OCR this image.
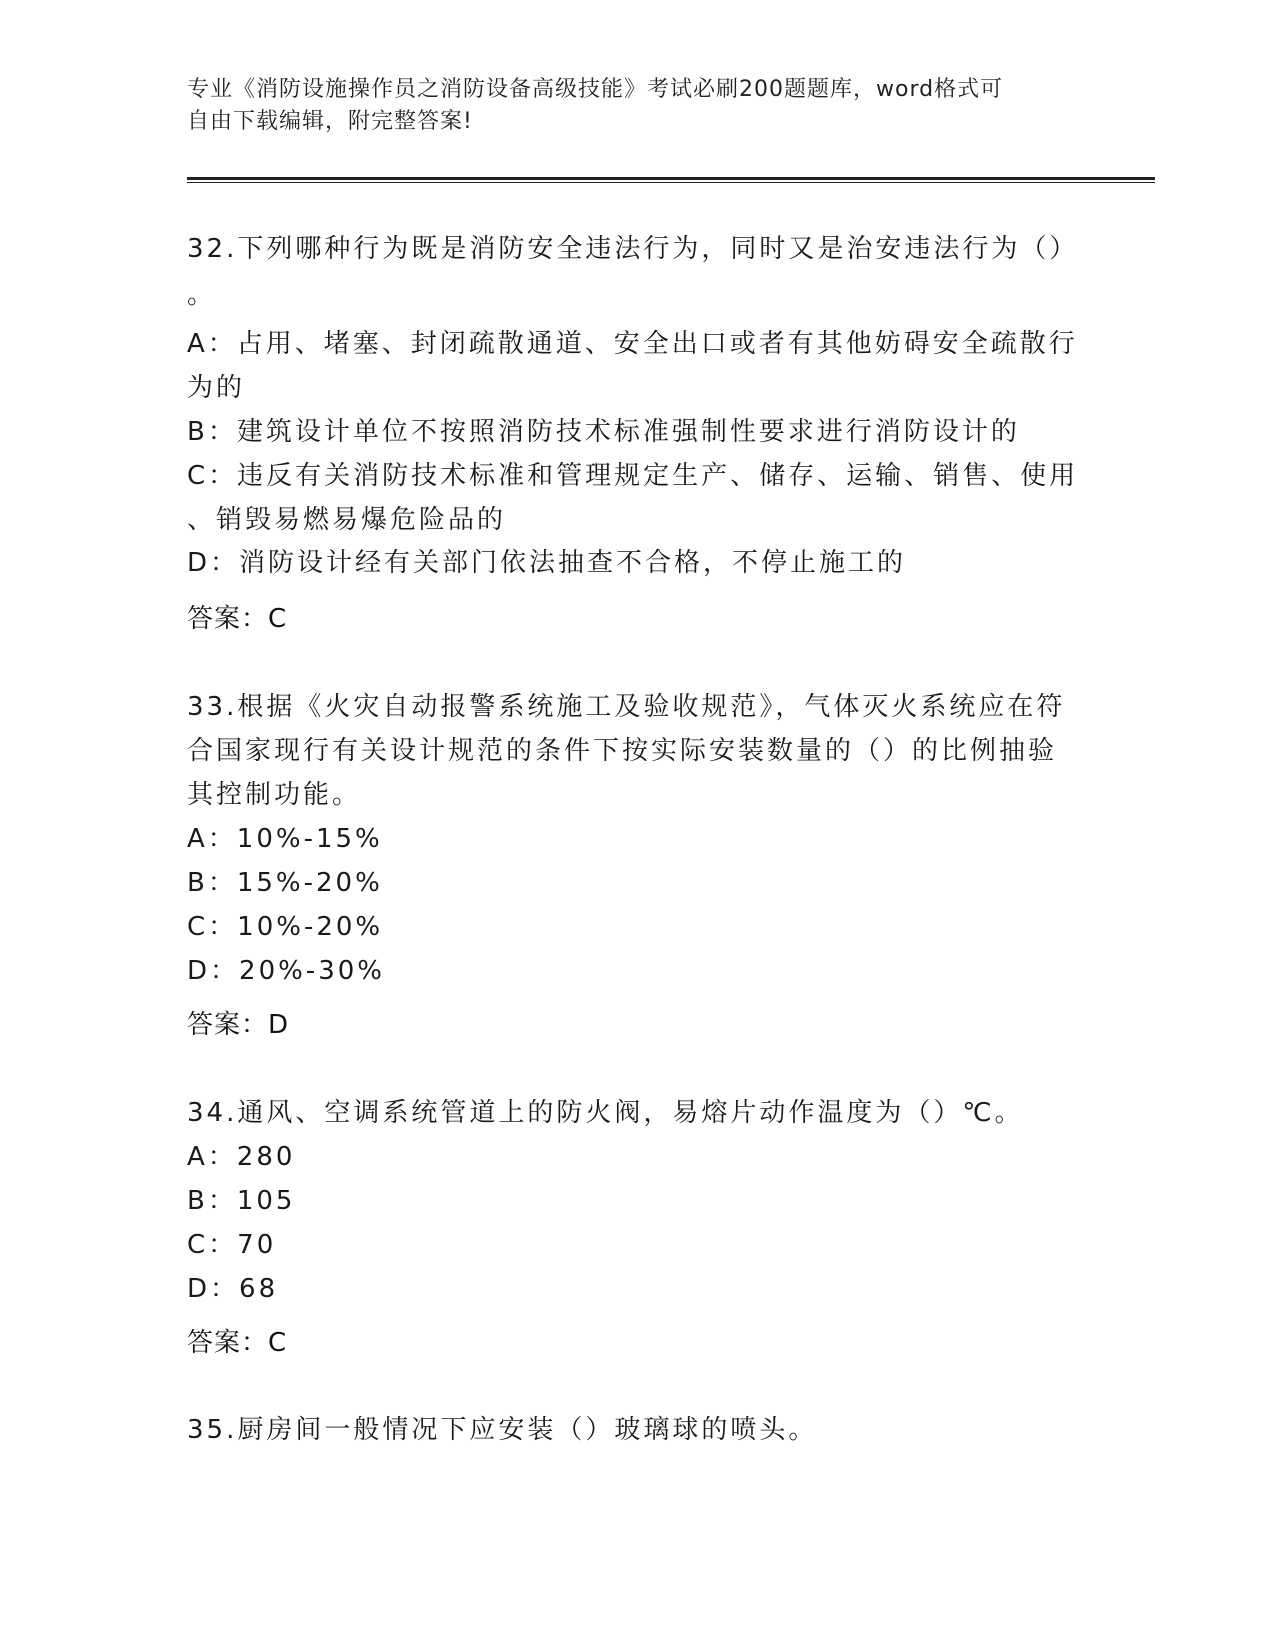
专业《消防设施操作员之消防设备高级技能》考试必刷200题题库，word格式可
自由下载编辑，附完整答案!
32.下列哪种行为既是消防安全违法行为，同时又是治安违法行为（）
。
A：占用、堵塞、封闭疏散通道、安全出口或者有其他妨碍安全疏散行
为的
B：建筑设计单位不按照消防技术标准强制性要求进行消防设计的
C：违反有关消防技术标准和管理规定生产、储存、运输、销售、使用
、销毁易燃易爆危险品的
D：消防设计经有关部门依法抽查不合格，不停止施工的
答案：C
33.根据《火灾自动报警系统施工及验收规范》，气体灭火系统应在符
合国家现行有关设计规范的条件下按实际安装数量的（）的比例抽验
其控制功能。
A：10%-15%
B：15%-20%
C：10%-20%
D：20%-30%
答案：D
34.通风、空调系统管道上的防火阀，易熔片动作温度为（）℃。
A：280
B：105
C：70
D：68
答案：C
35.厨房间一般情况下应安装（）玻璃球的喷头。
